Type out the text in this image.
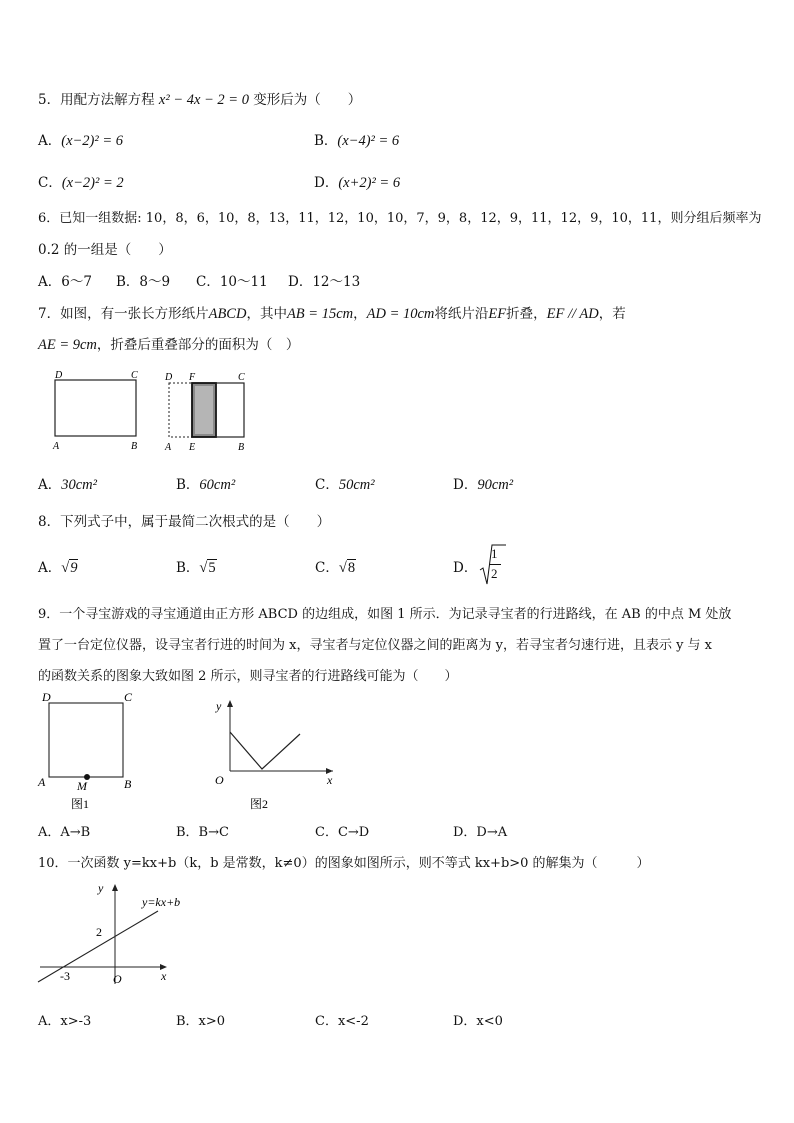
5．用配方法解方程 x² − 4x − 2 = 0 变形后为（　　）
A．(x−2)² = 6	B．(x−4)² = 6
C．(x−2)² = 2	D．(x+2)² = 6
6．已知一组数据: 10，8，6，10，8，13，11，12，10，10，7，9，8，12，9，11，12，9，10，11，则分组后频率为
0.2 的一组是（　　）
A．6～7 B．8～9 C．10～11 D．12～13
7．如图，有一张长方形纸片ABCD，其中AB = 15cm，AD = 10cm将纸片沿EF折叠，EF // AD，若
AE = 9cm，折叠后重叠部分的面积为（　）
D	C
A	B
D F	C
A E	B
A．30cm²	B．60cm²	C．50cm²	D．90cm²
8．下列式子中，属于最简二次根式的是（　　）
A．√9	B．√5	C．√8	D．
1
2
9．一个寻宝游戏的寻宝通道由正方形 ABCD 的边组成，如图 1 所示．为记录寻宝者的行进路线，在 AB 的中点 M 处放
置了一台定位仪器，设寻宝者行进的时间为 x，寻宝者与定位仪器之间的距离为 y，若寻宝者匀速行进，且表示 y 与 x
的函数关系的图象大致如图 2 所示，则寻宝者的行进路线可能为（　　）
D	C
A	B
M
图1
y
x
O
图2
A．A→B	B．B→C	C．C→D	D．D→A
10．一次函数 y=kx+b（k，b 是常数，k≠0）的图象如图所示，则不等式 kx+b>0 的解集为（　　　）
y
x
O
y=kx+b
2
-3
A．x>-3	B．x>0	C．x<-2	D．x<0
